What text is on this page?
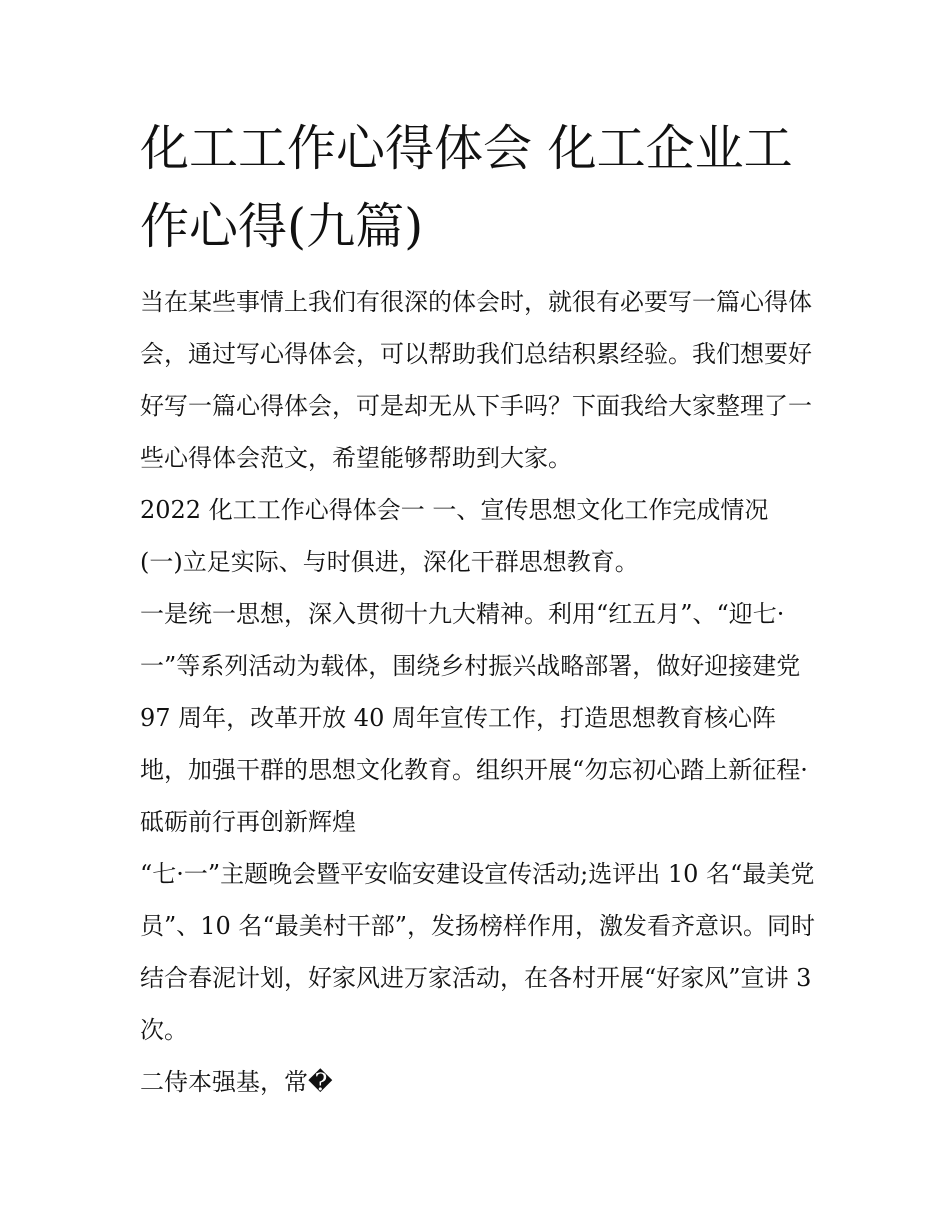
化工工作心得体会 化工企业工作心得(九篇)

当在某些事情上我们有很深的体会时，就很有必要写一篇心得体会，通过写心得体会，可以帮助我们总结积累经验。我们想要好好写一篇心得体会，可是却无从下手吗？下面我给大家整理了一些心得体会范文，希望能够帮助到大家。

2022 化工工作心得体会一 一、宣传思想文化工作完成情况

(一)立足实际、与时俱进，深化干群思想教育。

一是统一思想，深入贯彻十九大精神。利用“红五月”、“迎七·一”等系列活动为载体，围绕乡村振兴战略部署，做好迎接建党 97 周年，改革开放 40 周年宣传工作，打造思想教育核心阵地，加强干群的思想文化教育。组织开展“勿忘初心踏上新征程·砥砺前行再创新辉煌

“七·一”主题晚会暨平安临安建设宣传活动;选评出 10 名“最美党员”、10 名“最美村干部”，发扬榜样作用，激发看齐意识。同时结合春泥计划，好家风进万家活动，在各村开展“好家风”宣讲 3 次。

二侍本强基，常�
